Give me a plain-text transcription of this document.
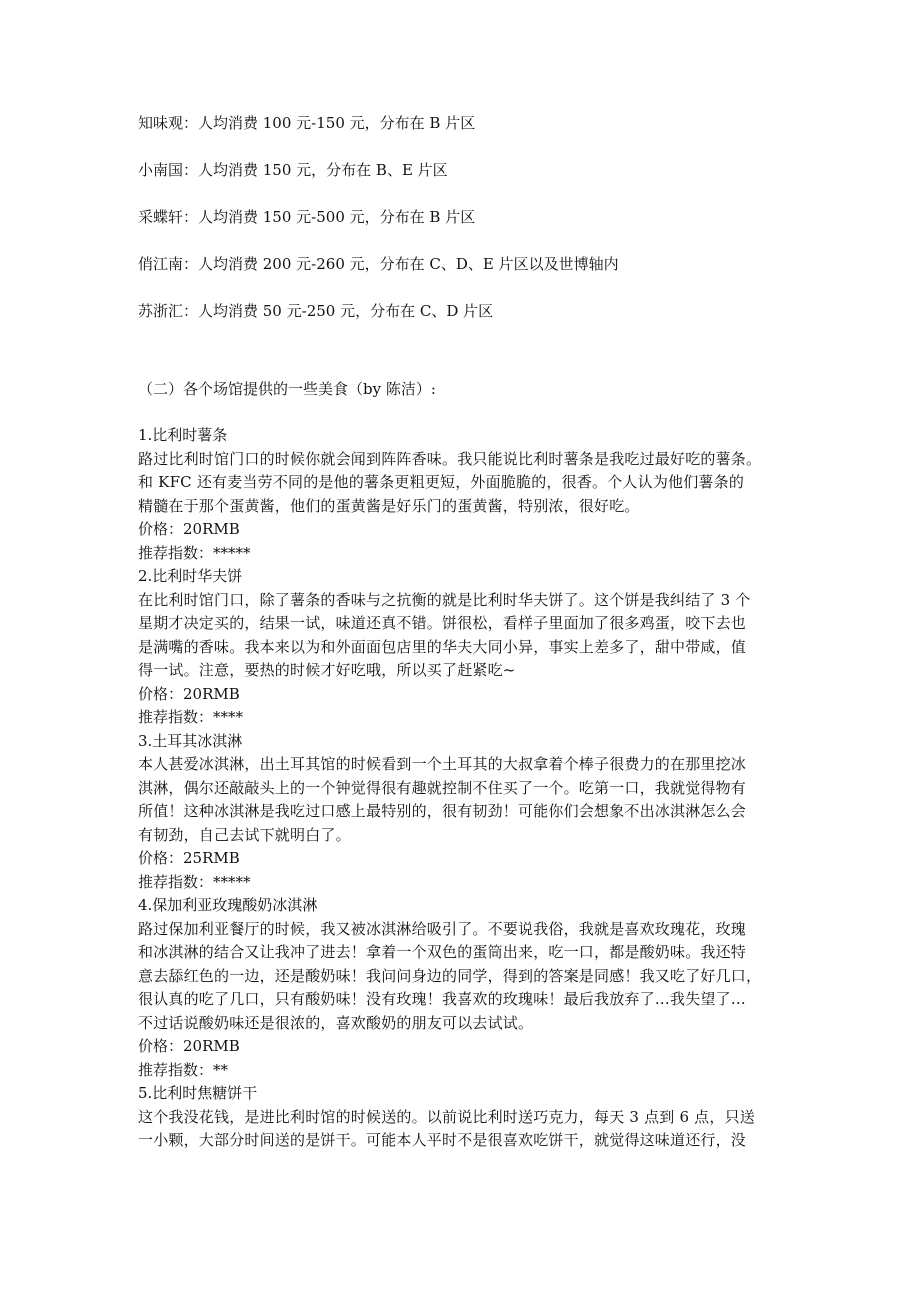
知味观：人均消费 100 元-150 元，分布在 B 片区
小南国：人均消费 150 元，分布在 B、E 片区
采蝶轩：人均消费 150 元-500 元，分布在 B 片区
俏江南：人均消费 200 元-260 元，分布在 C、D、E 片区以及世博轴内
苏浙汇：人均消费 50 元-250 元，分布在 C、D 片区
（二）各个场馆提供的一些美食（by 陈洁）:
1.比利时薯条
路过比利时馆门口的时候你就会闻到阵阵香味。我只能说比利时薯条是我吃过最好吃的薯条。
和 KFC 还有麦当劳不同的是他的薯条更粗更短，外面脆脆的，很香。个人认为他们薯条的
精髓在于那个蛋黄酱，他们的蛋黄酱是好乐门的蛋黄酱，特别浓，很好吃。
价格：20RMB
推荐指数：*****
2.比利时华夫饼
在比利时馆门口，除了薯条的香味与之抗衡的就是比利时华夫饼了。这个饼是我纠结了 3 个
星期才决定买的，结果一试，味道还真不错。饼很松，看样子里面加了很多鸡蛋，咬下去也
是满嘴的香味。我本来以为和外面面包店里的华夫大同小异，事实上差多了，甜中带咸，值
得一试。注意，要热的时候才好吃哦，所以买了赶紧吃~
价格：20RMB
推荐指数：****
3.土耳其冰淇淋
本人甚爱冰淇淋，出土耳其馆的时候看到一个土耳其的大叔拿着个棒子很费力的在那里挖冰
淇淋，偶尔还敲敲头上的一个钟觉得很有趣就控制不住买了一个。吃第一口，我就觉得物有
所值！这种冰淇淋是我吃过口感上最特别的，很有韧劲！可能你们会想象不出冰淇淋怎么会
有韧劲，自己去试下就明白了。
价格：25RMB
推荐指数：*****
4.保加利亚玫瑰酸奶冰淇淋
路过保加利亚餐厅的时候，我又被冰淇淋给吸引了。不要说我俗，我就是喜欢玫瑰花，玫瑰
和冰淇淋的结合又让我冲了进去！拿着一个双色的蛋筒出来，吃一口，都是酸奶味。我还特
意去舔红色的一边，还是酸奶味！我问问身边的同学，得到的答案是同感！我又吃了好几口，
很认真的吃了几口，只有酸奶味！没有玫瑰！我喜欢的玫瑰味！最后我放弃了…我失望了…
不过话说酸奶味还是很浓的，喜欢酸奶的朋友可以去试试。
价格：20RMB
推荐指数：**
5.比利时焦糖饼干
这个我没花钱，是进比利时馆的时候送的。以前说比利时送巧克力，每天 3 点到 6 点，只送
一小颗，大部分时间送的是饼干。可能本人平时不是很喜欢吃饼干，就觉得这味道还行，没
